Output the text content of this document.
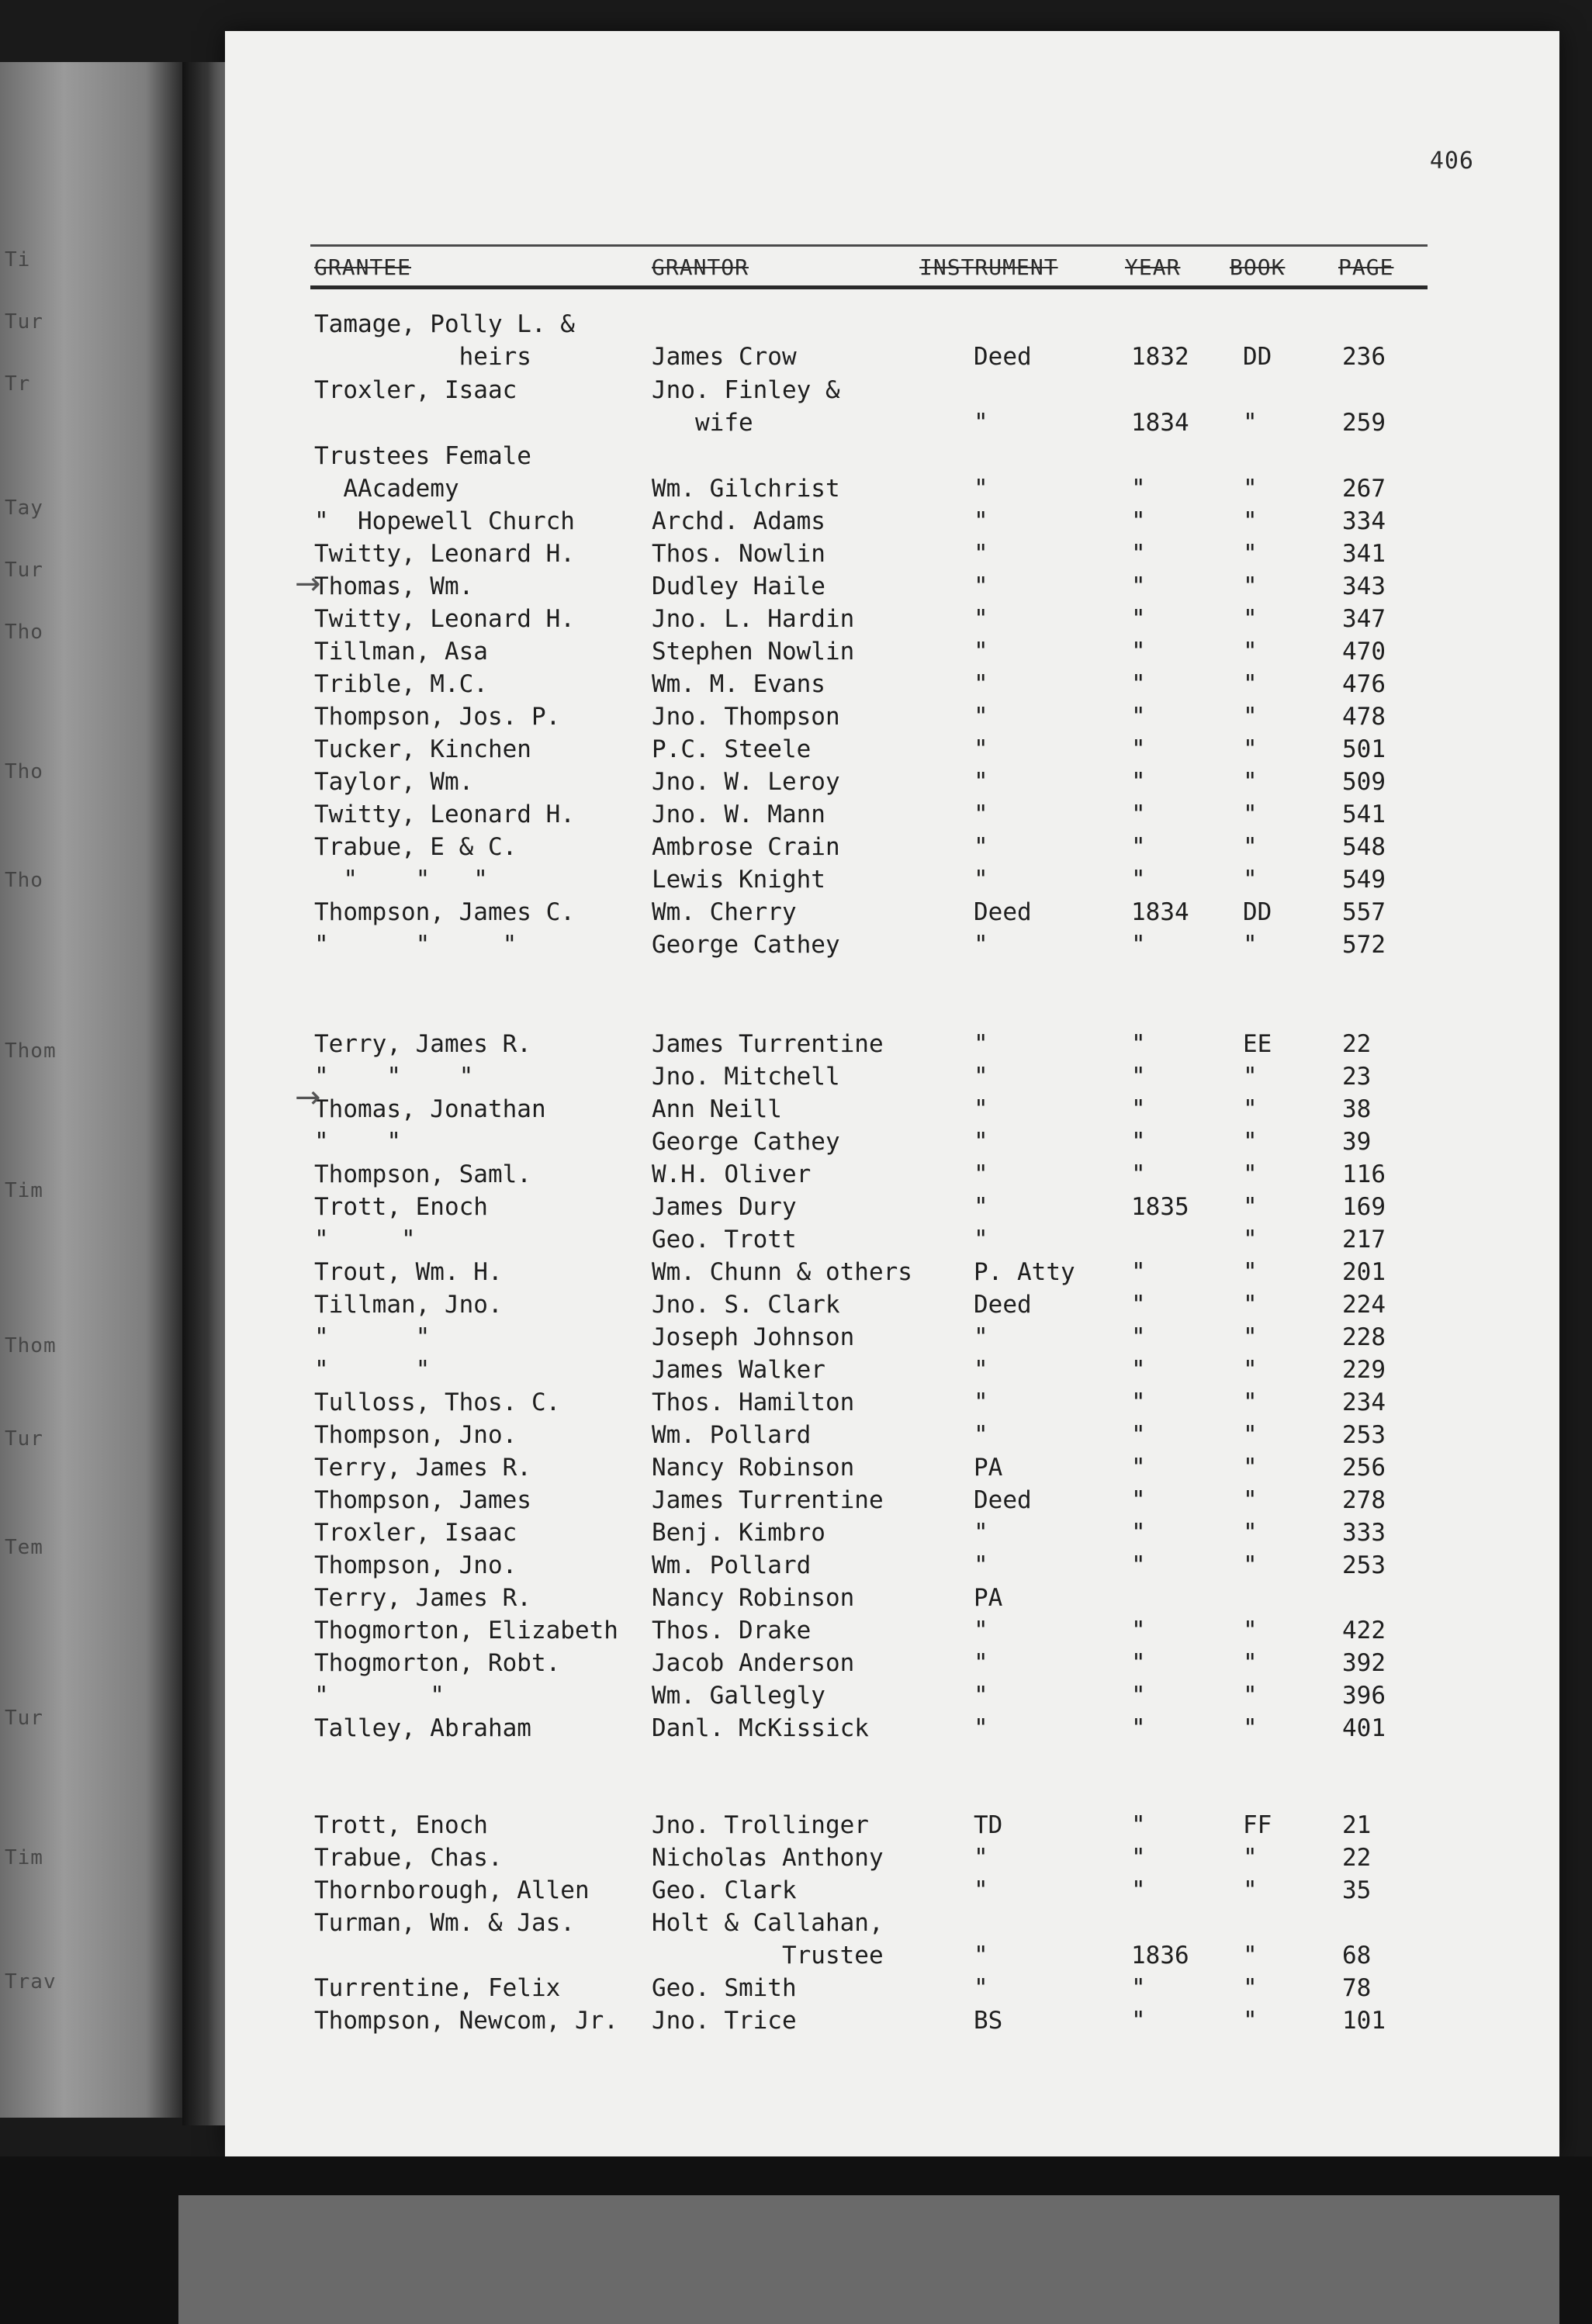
Ti
Tur
Tr
Tay
Tur
Tho
Tho
Tho
Thom
Tim
Thom
Tur
Tem
Tur
Tim
Trav
406
GRANTEE	GRANTOR	INSTRUMENT	YEAR BOOK PAGE
Tamage, Polly L. &
heirs	James Crow	Deed	1832 DD	236
Troxler, Isaac	Jno. Finley &
wife	"	1834 "	259
Trustees Female
AAcademy	Wm. Gilchrist	"	"	"	267
"  Hopewell Church	Archd. Adams	"	"	"	334
Twitty, Leonard H.	Thos. Nowlin	"	"	"	341
Thomas, Wm.	Dudley Haile	"	"	"	343
Twitty, Leonard H.	Jno. L. Hardin	"	"	"	347
Tillman, Asa	Stephen Nowlin	"	"	"	470
Trible, M.C.	Wm. M. Evans	"	"	"	476
Thompson, Jos. P.	Jno. Thompson	"	"	"	478
Tucker, Kinchen	P.C. Steele	"	"	"	501
Taylor, Wm.	Jno. W. Leroy	"	"	"	509
Twitty, Leonard H.	Jno. W. Mann	"	"	"	541
Trabue, E & C.	Ambrose Crain	"	"	"	548
"    "   "	Lewis Knight	"	"	"	549
Thompson, James C.	Wm. Cherry	Deed	1834 DD	557
"      "     "	George Cathey	"	"	"	572
Terry, James R.	James Turrentine	"	"	EE	22
"    "    "	Jno. Mitchell	"	"	"	23
Thomas, Jonathan	Ann Neill	"	"	"	38
"    "	George Cathey	"	"	"	39
Thompson, Saml.	W.H. Oliver	"	"	"	116
Trott, Enoch	James Dury	"	1835 "	169
"     "	Geo. Trott	"	"	217
Trout, Wm. H.	Wm. Chunn & others	P. Atty "	"	201
Tillman, Jno.	Jno. S. Clark	Deed	"	"	224
"      "	Joseph Johnson	"	"	"	228
"      "	James Walker	"	"	"	229
Tulloss, Thos. C.	Thos. Hamilton	"	"	"	234
Thompson, Jno.	Wm. Pollard	"	"	"	253
Terry, James R.	Nancy Robinson	PA	"	"	256
Thompson, James	James Turrentine	Deed	"	"	278
Troxler, Isaac	Benj. Kimbro	"	"	"	333
Thompson, Jno.	Wm. Pollard	"	"	"	253
Terry, James R.	Nancy Robinson	PA
Thogmorton, Elizabeth Thos. Drake	"	"	"	422
Thogmorton, Robt.	Jacob Anderson	"	"	"	392
"       "	Wm. Gallegly	"	"	"	396
Talley, Abraham	Danl. McKissick	"	"	"	401
Trott, Enoch	Jno. Trollinger	TD	"	FF	21
Trabue, Chas.	Nicholas Anthony	"	"	"	22
Thornborough, Allen	Geo. Clark	"	"	"	35
Turman, Wm. & Jas.	Holt & Callahan,
Trustee	"	1836 "	68
Turrentine, Felix	Geo. Smith	"	"	"	78
Thompson, Newcom, Jr. Jno. Trice	BS	"	"	101
→
→
